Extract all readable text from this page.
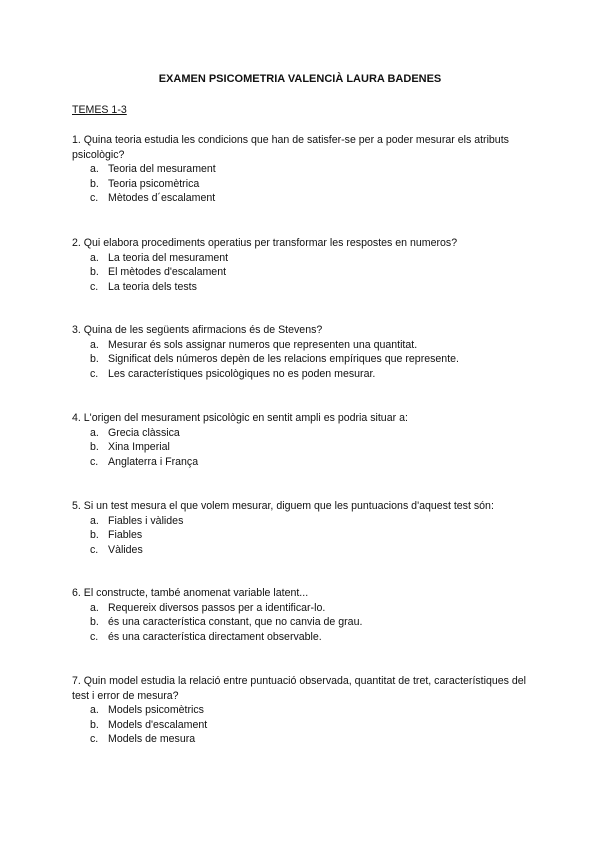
EXAMEN PSICOMETRIA VALENCIÀ LAURA BADENES
TEMES 1-3

1. Quina teoria estudia les condicions que han de satisfer-se per a poder mesurar els atributs psicològic?

a. Teoria del mesurament
b. Teoria psicomètrica
c. Mètodes d´escalament

2. Qui elabora procediments operatius per transformar les respostes en numeros?

a. La teoria del mesurament
b. El mètodes d'escalament
c. La teoria dels tests

3. Quina de les següents afirmacions és de Stevens?

a. Mesurar és sols assignar numeros que representen una quantitat.
b. Significat dels números depèn de les relacions empíriques que represente.
c. Les característiques psicològiques no es poden mesurar.

4. L'origen del mesurament psicològic en sentit ampli es podria situar a:

a. Grecia clàssica
b. Xina Imperial
c. Anglaterra i França

5. Si un test mesura el que volem mesurar, diguem que les puntuacions d'aquest test són:

a. Fiables i vàlides
b. Fiables
c. Vàlides

6. El constructe, també anomenat variable latent...

a. Requereix diversos passos per a identificar-lo.
b. és una característica constant, que no canvia de grau.
c. és una característica directament observable.

7. Quin model estudia la relació entre puntuació observada, quantitat de tret, característiques del test i error de mesura?

a. Models psicomètrics
b. Models d'escalament
c. Models de mesura
